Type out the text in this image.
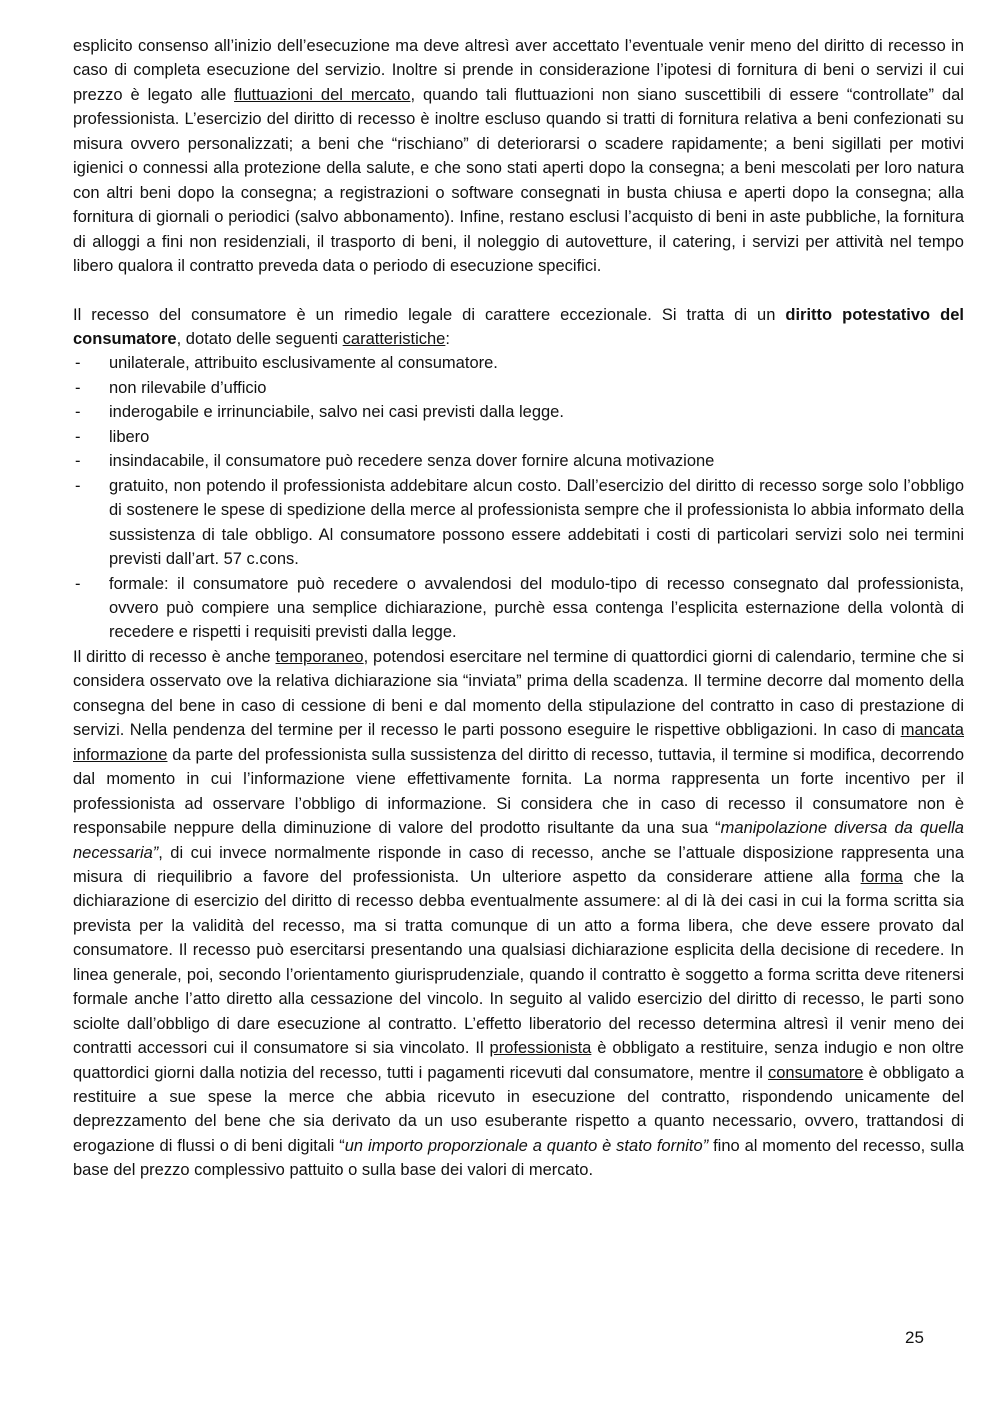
esplicito consenso all’inizio dell’esecuzione ma deve altresì aver accettato l’eventuale venir meno del diritto di recesso in caso di completa esecuzione del servizio. Inoltre si prende in considerazione l’ipotesi di fornitura di beni o servizi il cui prezzo è legato alle fluttuazioni del mercato, quando tali fluttuazioni non siano suscettibili di essere “controllate” dal professionista. L’esercizio del diritto di recesso è inoltre escluso quando si tratti di fornitura relativa a beni confezionati su misura ovvero personalizzati; a beni che “rischiano” di deteriorarsi o scadere rapidamente; a beni sigillati per motivi igienici o connessi alla protezione della salute, e che sono stati aperti dopo la consegna; a beni mescolati per loro natura con altri beni dopo la consegna; a registrazioni o software consegnati in busta chiusa e aperti dopo la consegna; alla fornitura di giornali o periodici (salvo abbonamento). Infine, restano esclusi l’acquisto di beni in aste pubbliche, la fornitura di alloggi a fini non residenziali, il trasporto di beni, il noleggio di autovetture, il catering, i servizi per attività nel tempo libero qualora il contratto preveda data o periodo di esecuzione specifici.

Il recesso del consumatore è un rimedio legale di carattere eccezionale. Si tratta di un diritto potestativo del consumatore, dotato delle seguenti caratteristiche:

- unilaterale, attribuito esclusivamente al consumatore.
- non rilevabile d’ufficio
- inderogabile e irrinunciabile, salvo nei casi previsti dalla legge.
- libero
- insindacabile, il consumatore può recedere senza dover fornire alcuna motivazione
- gratuito, non potendo il professionista addebitare alcun costo. Dall’esercizio del diritto di recesso sorge solo l’obbligo di sostenere le spese di spedizione della merce al professionista sempre che il professionista lo abbia informato della sussistenza di tale obbligo. Al consumatore possono essere addebitati i costi di particolari servizi solo nei termini previsti dall’art. 57 c.cons.
- formale: il consumatore può recedere o avvalendosi del modulo-tipo di recesso consegnato dal professionista, ovvero può compiere una semplice dichiarazione, purchè essa contenga l’esplicita esternazione della volontà di recedere e rispetti i requisiti previsti dalla legge.

Il diritto di recesso è anche temporaneo, potendosi esercitare nel termine di quattordici giorni di calendario, termine che si considera osservato ove la relativa dichiarazione sia “inviata” prima della scadenza. Il termine decorre dal momento della consegna del bene in caso di cessione di beni e dal momento della stipulazione del contratto in caso di prestazione di servizi. Nella pendenza del termine per il recesso le parti possono eseguire le rispettive obbligazioni. In caso di mancata informazione da parte del professionista sulla sussistenza del diritto di recesso, tuttavia, il termine si modifica, decorrendo dal momento in cui l’informazione viene effettivamente fornita. La norma rappresenta un forte incentivo per il professionista ad osservare l’obbligo di informazione. Si considera che in caso di recesso il consumatore non è responsabile neppure della diminuzione di valore del prodotto risultante da una sua “manipolazione diversa da quella necessaria”, di cui invece normalmente risponde in caso di recesso, anche se l’attuale disposizione rappresenta una misura di riequilibrio a favore del professionista. Un ulteriore aspetto da considerare attiene alla forma che la dichiarazione di esercizio del diritto di recesso debba eventualmente assumere: al di là dei casi in cui la forma scritta sia prevista per la validità del recesso, ma si tratta comunque di un atto a forma libera, che deve essere provato dal consumatore. Il recesso può esercitarsi presentando una qualsiasi dichiarazione esplicita della decisione di recedere. In linea generale, poi, secondo l’orientamento giurisprudenziale, quando il contratto è soggetto a forma scritta deve ritenersi formale anche l’atto diretto alla cessazione del vincolo. In seguito al valido esercizio del diritto di recesso, le parti sono sciolte dall’obbligo di dare esecuzione al contratto. L’effetto liberatorio del recesso determina altresì il venir meno dei contratti accessori cui il consumatore si sia vincolato. Il professionista è obbligato a restituire, senza indugio e non oltre quattordici giorni dalla notizia del recesso, tutti i pagamenti ricevuti dal consumatore, mentre il consumatore è obbligato a restituire a sue spese la merce che abbia ricevuto in esecuzione del contratto, rispondendo unicamente del deprezzamento del bene che sia derivato da un uso esuberante rispetto a quanto necessario, ovvero, trattandosi di erogazione di flussi o di beni digitali “un importo proporzionale a quanto è stato fornito” fino al momento del recesso, sulla base del prezzo complessivo pattuito o sulla base dei valori di mercato.

25
